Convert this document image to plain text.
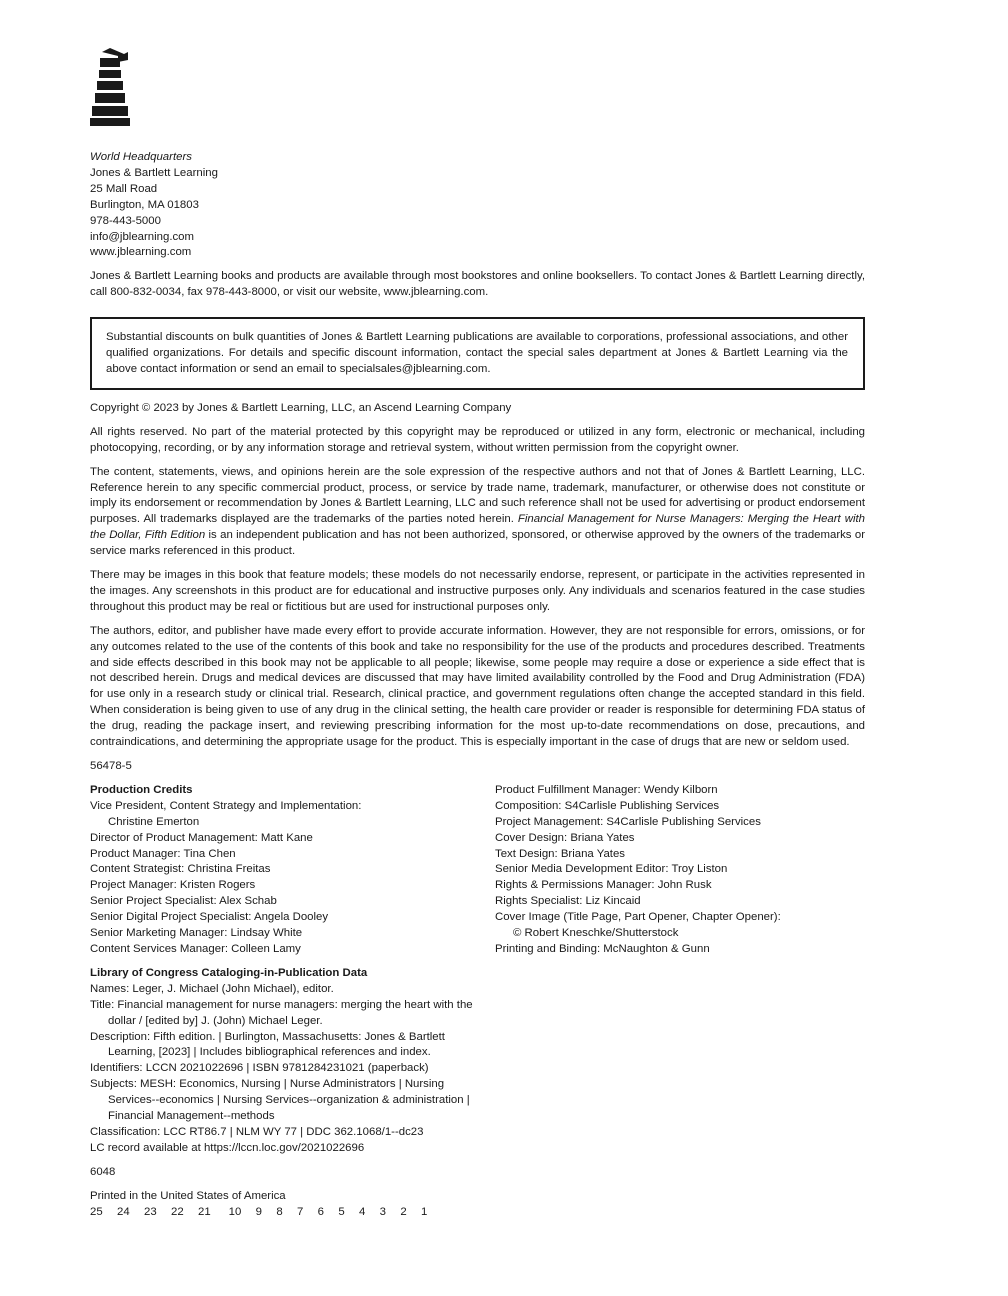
World Headquarters
Jones & Bartlett Learning
25 Mall Road
Burlington, MA 01803
978-443-5000
info@jblearning.com
www.jblearning.com

Jones & Bartlett Learning books and products are available through most bookstores and online booksellers. To contact Jones & Bartlett Learning directly, call 800-832-0034, fax 978-443-8000, or visit our website, www.jblearning.com.

Substantial discounts on bulk quantities of Jones & Bartlett Learning publications are available to corporations, professional associations, and other qualified organizations. For details and specific discount information, contact the special sales department at Jones & Bartlett Learning via the above contact information or send an email to specialsales@jblearning.com.

Copyright © 2023 by Jones & Bartlett Learning, LLC, an Ascend Learning Company

All rights reserved. No part of the material protected by this copyright may be reproduced or utilized in any form, electronic or mechanical, including photocopying, recording, or by any information storage and retrieval system, without written permission from the copyright owner.

The content, statements, views, and opinions herein are the sole expression of the respective authors and not that of Jones & Bartlett Learning, LLC. Reference herein to any specific commercial product, process, or service by trade name, trademark, manufacturer, or otherwise does not constitute or imply its endorsement or recommendation by Jones & Bartlett Learning, LLC and such reference shall not be used for advertising or product endorsement purposes. All trademarks displayed are the trademarks of the parties noted herein. Financial Management for Nurse Managers: Merging the Heart with the Dollar, Fifth Edition is an independent publication and has not been authorized, sponsored, or otherwise approved by the owners of the trademarks or service marks referenced in this product.

There may be images in this book that feature models; these models do not necessarily endorse, represent, or participate in the activities represented in the images. Any screenshots in this product are for educational and instructive purposes only. Any individuals and scenarios featured in the case studies throughout this product may be real or fictitious but are used for instructional purposes only.

The authors, editor, and publisher have made every effort to provide accurate information. However, they are not responsible for errors, omissions, or for any outcomes related to the use of the contents of this book and take no responsibility for the use of the products and procedures described. Treatments and side effects described in this book may not be applicable to all people; likewise, some people may require a dose or experience a side effect that is not described herein. Drugs and medical devices are discussed that may have limited availability controlled by the Food and Drug Administration (FDA) for use only in a research study or clinical trial. Research, clinical practice, and government regulations often change the accepted standard in this field. When consideration is being given to use of any drug in the clinical setting, the health care provider or reader is responsible for determining FDA status of the drug, reading the package insert, and reviewing prescribing information for the most up-to-date recommendations on dose, precautions, and contraindications, and determining the appropriate usage for the product. This is especially important in the case of drugs that are new or seldom used.

56478-5
Production Credits
Vice President, Content Strategy and Implementation:
Christine Emerton
Director of Product Management: Matt Kane
Product Manager: Tina Chen
Content Strategist: Christina Freitas
Project Manager: Kristen Rogers
Senior Project Specialist: Alex Schab
Senior Digital Project Specialist: Angela Dooley
Senior Marketing Manager: Lindsay White
Content Services Manager: Colleen Lamy
Product Fulfillment Manager: Wendy Kilborn
Composition: S4Carlisle Publishing Services
Project Management: S4Carlisle Publishing Services
Cover Design: Briana Yates
Text Design: Briana Yates
Senior Media Development Editor: Troy Liston
Rights & Permissions Manager: John Rusk
Rights Specialist: Liz Kincaid
Cover Image (Title Page, Part Opener, Chapter Opener):
© Robert Kneschke/Shutterstock
Printing and Binding: McNaughton & Gunn
Library of Congress Cataloging-in-Publication Data
Names: Leger, J. Michael (John Michael), editor.
Title: Financial management for nurse managers: merging the heart with the
dollar / [edited by] J. (John) Michael Leger.
Description: Fifth edition. | Burlington, Massachusetts: Jones & Bartlett
Learning, [2023] | Includes bibliographical references and index.
Identifiers: LCCN 2021022696 | ISBN 9781284231021 (paperback)
Subjects: MESH: Economics, Nursing | Nurse Administrators | Nursing
Services--economics | Nursing Services--organization & administration |
Financial Management--methods
Classification: LCC RT86.7 | NLM WY 77 | DDC 362.1068/1--dc23
LC record available at https://lccn.loc.gov/2021022696
6048
Printed in the United States of America
25  24  23  22  21 10  9  8  7  6  5  4  3  2  1
